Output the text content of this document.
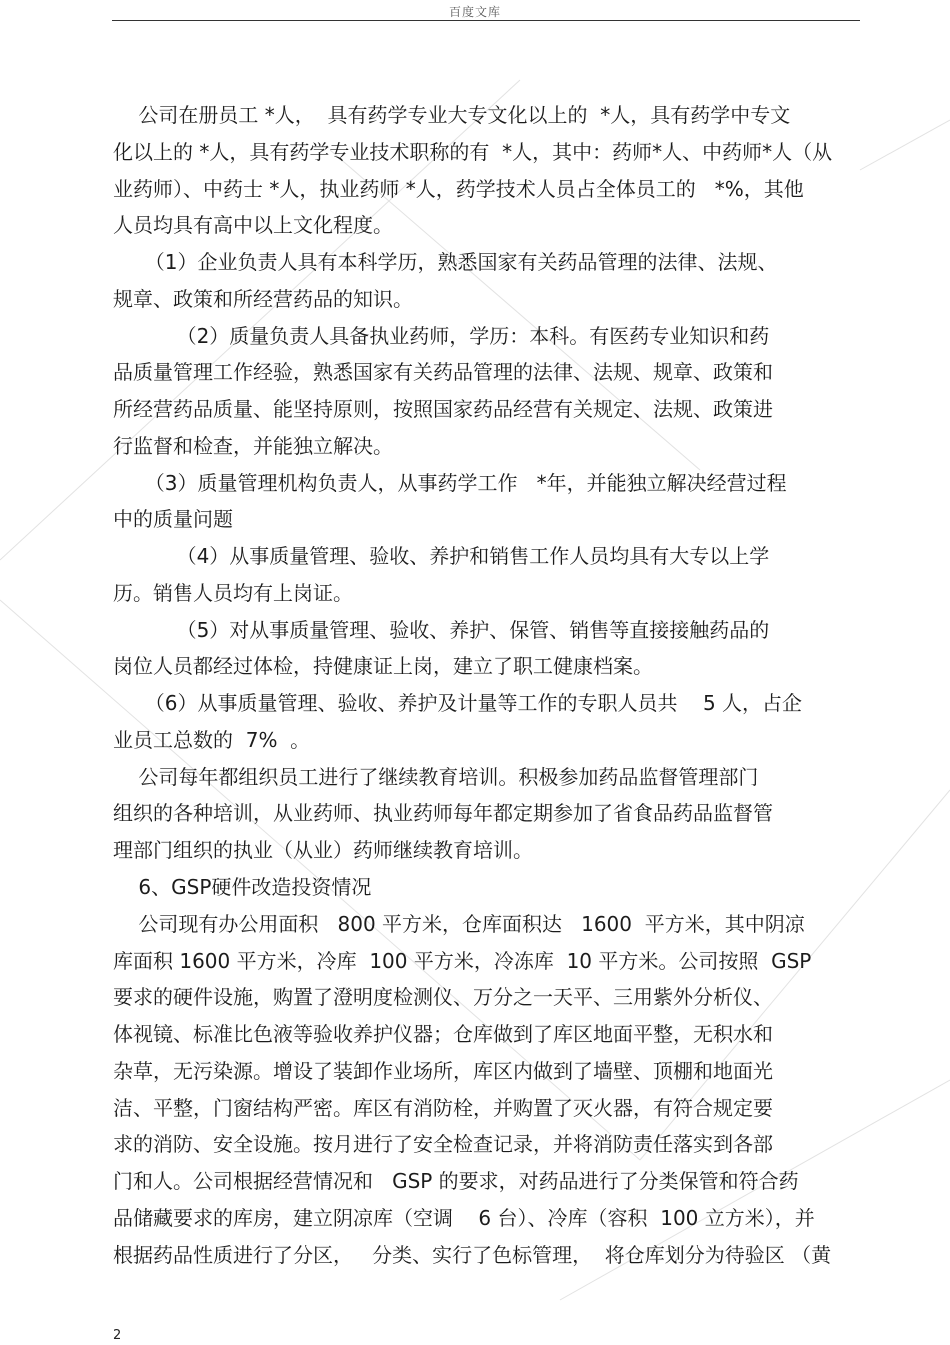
百度文库
公司在册员工 *人，  具有药学专业大专文化以上的  *人，具有药学中专文
化以上的 *人，具有药学专业技术职称的有  *人，其中：药师*人、中药师*人（从
业药师）、中药士 *人，执业药师 *人，药学技术人员占全体员工的   *%，其他
人员均具有高中以上文化程度。
（1）企业负责人具有本科学历，熟悉国家有关药品管理的法律、法规、
规章、政策和所经营药品的知识。
（2）质量负责人具备执业药师，学历：本科。有医药专业知识和药
品质量管理工作经验，熟悉国家有关药品管理的法律、法规、规章、政策和
所经营药品质量、能坚持原则，按照国家药品经营有关规定、法规、政策进
行监督和检查，并能独立解决。
（3）质量管理机构负责人，从事药学工作   *年，并能独立解决经营过程
中的质量问题
（4）从事质量管理、验收、养护和销售工作人员均具有大专以上学
历。销售人员均有上岗证。
（5）对从事质量管理、验收、养护、保管、销售等直接接触药品的
岗位人员都经过体检，持健康证上岗，建立了职工健康档案。
（6）从事质量管理、验收、养护及计量等工作的专职人员共    5 人，占企
业员工总数的  7%  。
公司每年都组织员工进行了继续教育培训。积极参加药品监督管理部门
组织的各种培训，从业药师、执业药师每年都定期参加了省食品药品监督管
理部门组织的执业（从业）药师继续教育培训。
6、GSP硬件改造投资情况
公司现有办公用面积   800 平方米，仓库面积达   1600  平方米，其中阴凉
库面积 1600 平方米，冷库  100 平方米，冷冻库  10 平方米。公司按照  GSP
要求的硬件设施，购置了澄明度检测仪、万分之一天平、三用紫外分析仪、
体视镜、标准比色液等验收养护仪器；仓库做到了库区地面平整，无积水和
杂草，无污染源。增设了装卸作业场所，库区内做到了墙壁、顶棚和地面光
洁、平整，门窗结构严密。库区有消防栓，并购置了灭火器，有符合规定要
求的消防、安全设施。按月进行了安全检查记录，并将消防责任落实到各部
门和人。公司根据经营情况和   GSP 的要求，对药品进行了分类保管和符合药
品储藏要求的库房，建立阴凉库（空调    6 台）、冷库（容积  100 立方米），并
根据药品性质进行了分区，   分类、实行了色标管理，  将仓库划分为待验区 （黄
2
